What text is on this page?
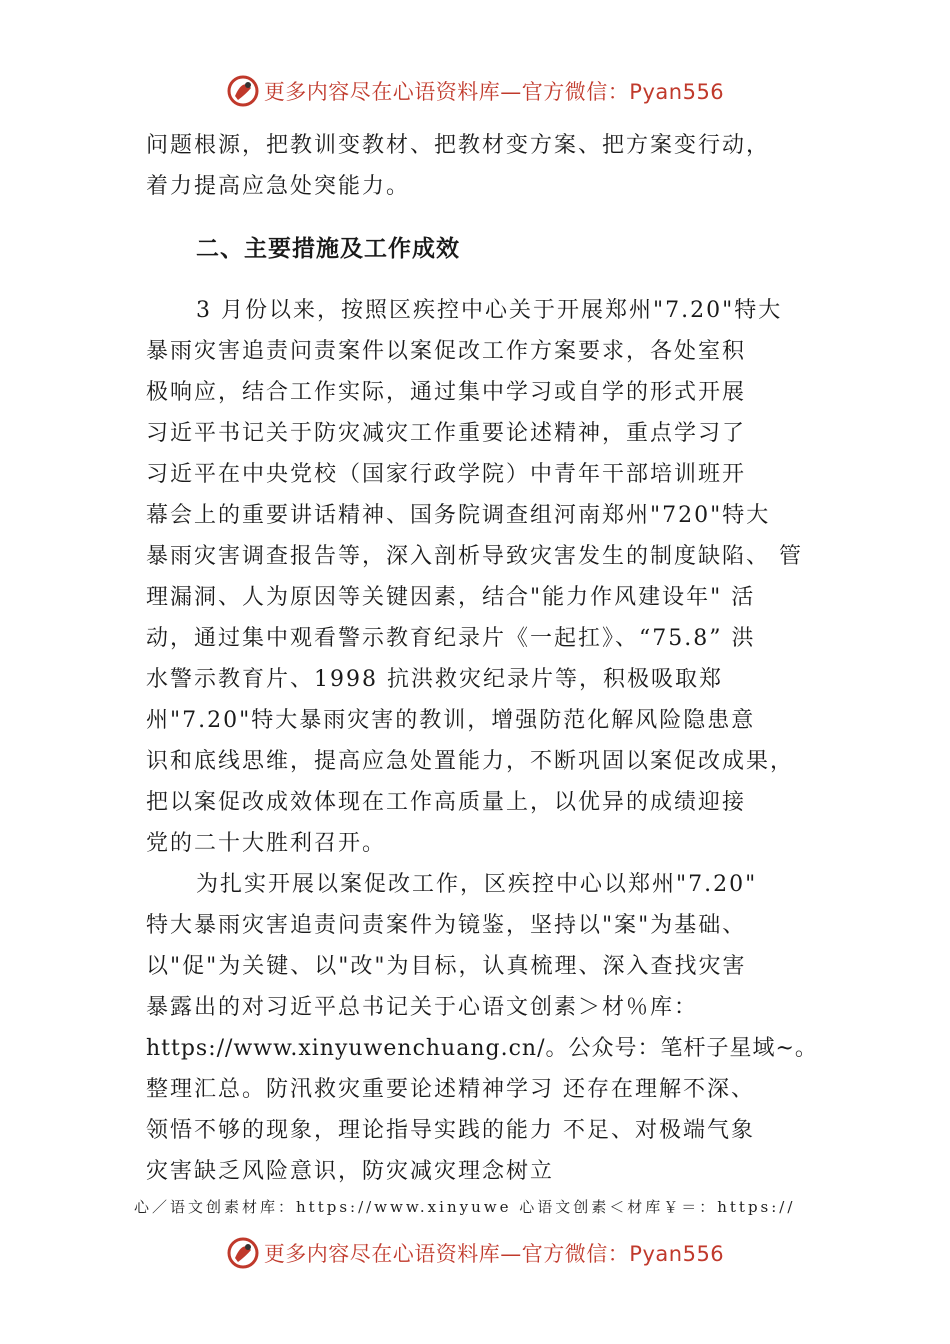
更多内容尽在心语资料库—官方微信：Pyan556
问题根源，把教训变教材、把教材变方案、把方案变行动，
着力提高应急处突能力。
二、主要措施及工作成效
3 月份以来，按照区疾控中心关于开展郑州"7.20"特大
暴雨灾害追责问责案件以案促改工作方案要求，各处室积
极响应，结合工作实际，通过集中学习或自学的形式开展
习近平书记关于防灾减灾工作重要论述精神，重点学习了
习近平在中央党校（国家行政学院）中青年干部培训班开
幕会上的重要讲话精神、国务院调查组河南郑州"720"特大
暴雨灾害调查报告等，深入剖析导致灾害发生的制度缺陷、 管
理漏洞、人为原因等关键因素，结合"能力作风建设年" 活
动，通过集中观看警示教育纪录片《一起扛》、“75.8” 洪
水警示教育片、1998 抗洪救灾纪录片等，积极吸取郑
州"7.20"特大暴雨灾害的教训，增强防范化解风险隐患意
识和底线思维，提高应急处置能力，不断巩固以案促改成果，
把以案促改成效体现在工作高质量上，以优异的成绩迎接
党的二十大胜利召开。
为扎实开展以案促改工作，区疾控中心以郑州"7.20"
特大暴雨灾害追责问责案件为镜鉴，坚持以"案"为基础、
以"促"为关键、以"改"为目标，认真梳理、深入查找灾害
暴露出的对习近平总书记关于心语文创素＞材％库：
https://www.xinyuwenchuang.cn/。公众号：笔杆子星域~。
整理汇总。防汛救灾重要论述精神学习 还存在理解不深、
领悟不够的现象，理论指导实践的能力 不足、对极端气象
灾害缺乏风险意识，防灾减灾理念树立
心／语文创素材库：https://www.xinyuwe 心语文创素＜材库￥＝：https://
更多内容尽在心语资料库—官方微信：Pyan556
